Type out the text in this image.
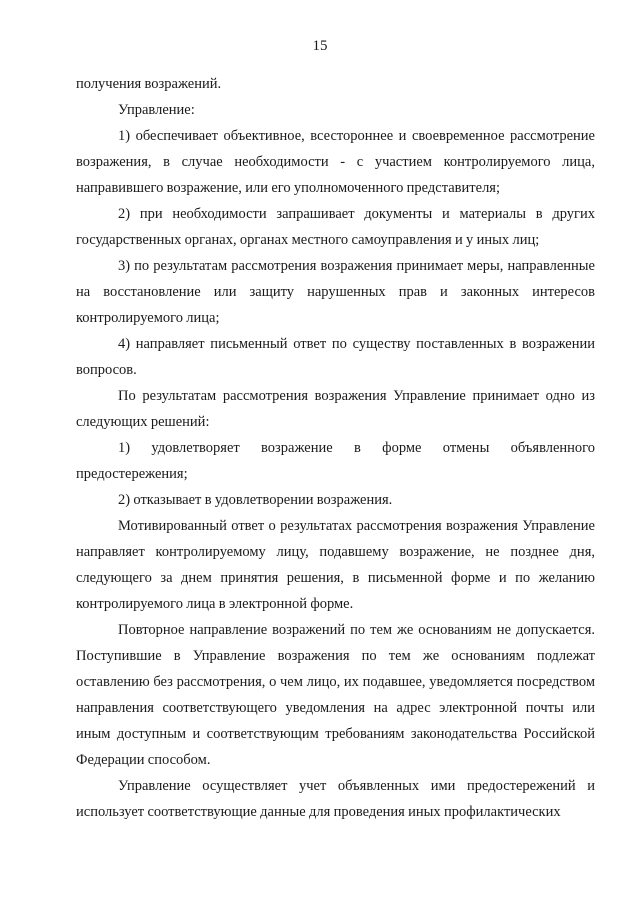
15

получения возражений.

Управление:

1) обеспечивает объективное, всестороннее и своевременное рассмотрение возражения, в случае необходимости - с участием контролируемого лица, направившего возражение, или его уполномоченного представителя;

2) при необходимости запрашивает документы и материалы в других государственных органах, органах местного самоуправления и у иных лиц;

3) по результатам рассмотрения возражения принимает меры, направленные на восстановление или защиту нарушенных прав и законных интересов контролируемого лица;

4) направляет письменный ответ по существу поставленных в возражении вопросов.

По результатам рассмотрения возражения Управление принимает одно из следующих решений:

1) удовлетворяет возражение в форме отмены объявленного предостережения;

2) отказывает в удовлетворении возражения.

Мотивированный ответ о результатах рассмотрения возражения Управление направляет контролируемому лицу, подавшему возражение, не позднее дня, следующего за днем принятия решения, в письменной форме и по желанию контролируемого лица в электронной форме.

Повторное направление возражений по тем же основаниям не допускается. Поступившие в Управление возражения по тем же основаниям подлежат оставлению без рассмотрения, о чем лицо, их подавшее, уведомляется посредством направления соответствующего уведомления на адрес электронной почты или иным доступным и соответствующим требованиям законодательства Российской Федерации способом.

Управление осуществляет учет объявленных ими предостережений и использует соответствующие данные для проведения иных профилактических
